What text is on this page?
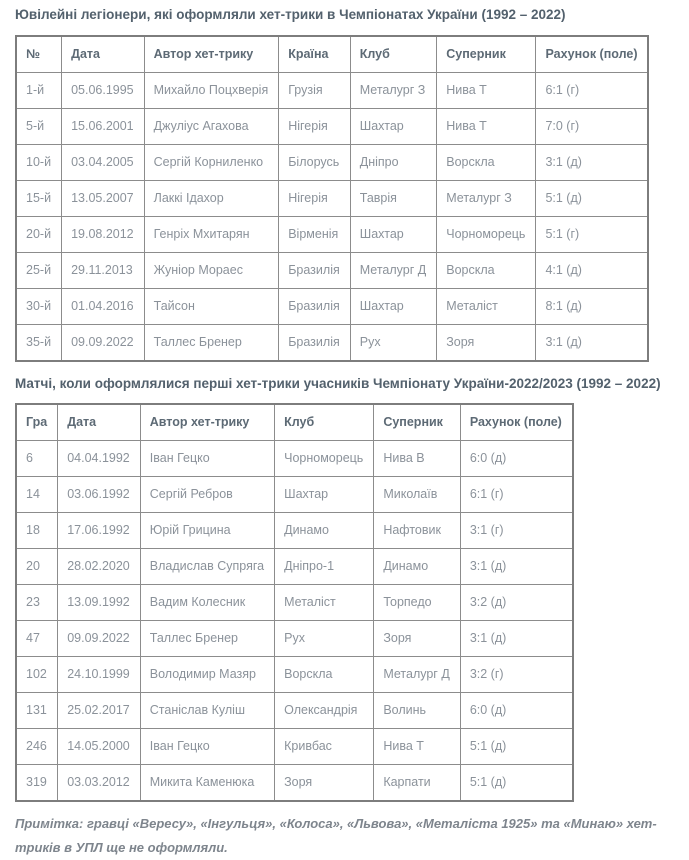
Ювілейні легіонери, які оформляли хет-трики в Чемпіонатах України (1992 – 2022)
№	Дата	Автор хет-трику	Країна	Клуб	Суперник	Рахунок (поле)
1-й	05.06.1995	Михайло Поцхверія	Грузія	Металург З	Нива Т	6:1 (г)
5-й	15.06.2001	Джуліус Агахова	Нігерія	Шахтар	Нива Т	7:0 (г)
10-й	03.04.2005	Сергій Корниленко	Білорусь	Дніпро	Ворскла	3:1 (д)
15-й	13.05.2007	Лаккі Ідахор	Нігерія	Таврія	Металург З	5:1 (д)
20-й	19.08.2012	Генріх Мхитарян	Вірменія	Шахтар	Чорноморець	5:1 (г)
25-й	29.11.2013	Жуніор Мораес	Бразилія	Металург Д	Ворскла	4:1 (д)
30-й	01.04.2016	Тайсон	Бразилія	Шахтар	Металіст	8:1 (д)
35-й	09.09.2022	Таллес Бренер	Бразилія	Рух	Зоря	3:1 (д)
Матчі, коли оформлялися перші хет-трики учасників Чемпіонату України-2022/2023 (1992 – 2022)
Гра	Дата	Автор хет-трику	Клуб	Суперник	Рахунок (поле)
6	04.04.1992	Іван Гецко	Чорноморець	Нива В	6:0 (д)
14	03.06.1992	Сергій Ребров	Шахтар	Миколаїв	6:1 (г)
18	17.06.1992	Юрій Грицина	Динамо	Нафтовик	3:1 (г)
20	28.02.2020	Владислав Супряга	Дніпро-1	Динамо	3:1 (д)
23	13.09.1992	Вадим Колесник	Металіст	Торпедо	3:2 (д)
47	09.09.2022	Таллес Бренер	Рух	Зоря	3:1 (д)
102	24.10.1999	Володимир Мазяр	Ворскла	Металург Д	3:2 (г)
131	25.02.2017	Станіслав Куліш	Олександрія	Волинь	6:0 (д)
246	14.05.2000	Іван Гецко	Кривбас	Нива Т	5:1 (д)
319	03.03.2012	Микита Каменюка	Зоря	Карпати	5:1 (д)

Примітка: гравці «Вересу», «Інгульця», «Колоса», «Львова», «Металіста 1925» та «Минаю» хет-триків в УПЛ ще не оформляли.
